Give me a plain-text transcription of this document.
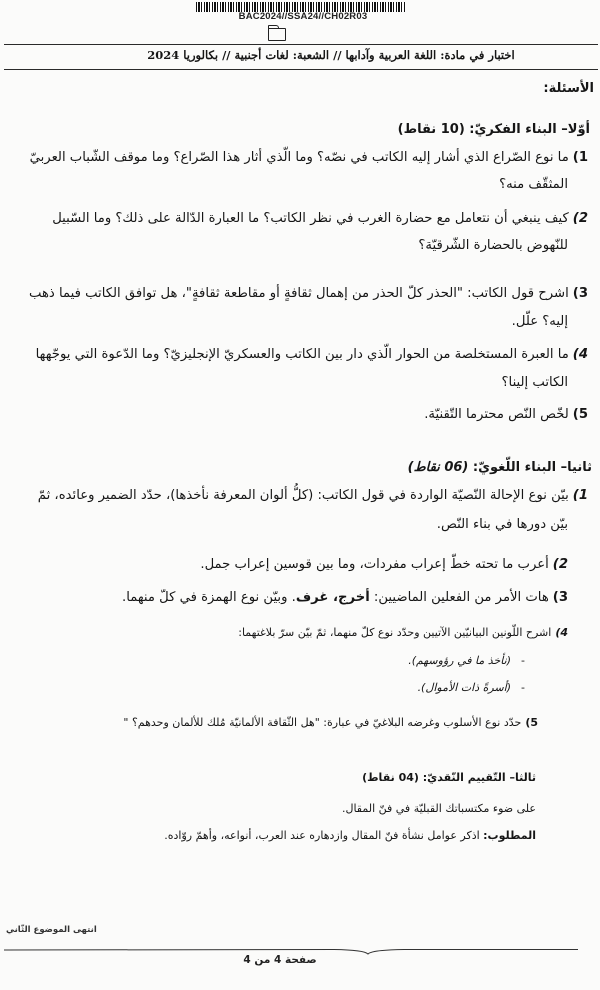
BAC2024//SSA24//CH02R03
اختبار في مادة: اللغة العربية وآدابها // الشعبة: لغات أجنبية // بكالوريا 2024
الأسئلة:
أوّلا– البناء الفكريّ: (10 نقاط)
1)ما نوع الصّراع الذي أشار إليه الكاتب في نصّه؟ وما الّذي أثار هذا الصّراع؟ وما موقف الشّباب العربيّ
المثقّف منه؟
2)كيف ينبغي أن نتعامل مع حضارة الغرب في نظر الكاتب؟ ما العبارة الدّالة على ذلك؟ وما السّبيل
للنّهوض بالحضارة الشّرقيّة؟
3)اشرح قول الكاتب: "الحذر كلّ الحذر من إهمال ثقافةٍ أو مقاطعة ثقافةٍ"، هل توافق الكاتب فيما ذهب
إليه؟ علّل.
4)ما العبرة المستخلصة من الحوار الّذي دار بين الكاتب والعسكريّ الإنجليزيّ؟ وما الدّعوة التي يوجّهها
الكاتب إلينا؟
5)لخّص النّص محترما التّقنيّة.
ثانيا– البناء اللّغويّ: (06 نقاط)
1)بيّن نوع الإحالة النّصيّة الواردة في قول الكاتب: (كلُّ ألوان المعرفة نأخذها)، حدّد الضمير وعائده، ثمّ
بيّن دورها في بناء النّص.
2)أعرب ما تحته خطّ إعراب مفردات، وما بين قوسين إعراب جمل.
3)هات الأمر من الفعلين الماضيين: أخرج، غرف. وبيّن نوع الهمزة في كلّ منهما.
4)اشرح اللّونين البيانيّين الآتيين وحدّد نوع كلّ منهما، ثمّ بيّن سرّ بلاغتهما:
-(نأخذ ما في رؤوسهم).
-(أسرةً ذات الأموال).
5)حدّد نوع الأسلوب وغرضه البلاغيّ في عبارة: "هل الثّقافة الألمانيّة مُلك للألمان وحدهم؟ "
ثالثا– التّقييم النّقديّ: (04 نقاط)
على ضوء مكتسباتك القبليّة في فنّ المقال.
المطلوب: اذكر عوامل نشأة فنّ المقال وازدهاره عند العرب، أنواعه، وأهمّ روّاده.
انتهى الموضوع الثّاني
صفحة 4 من 4
